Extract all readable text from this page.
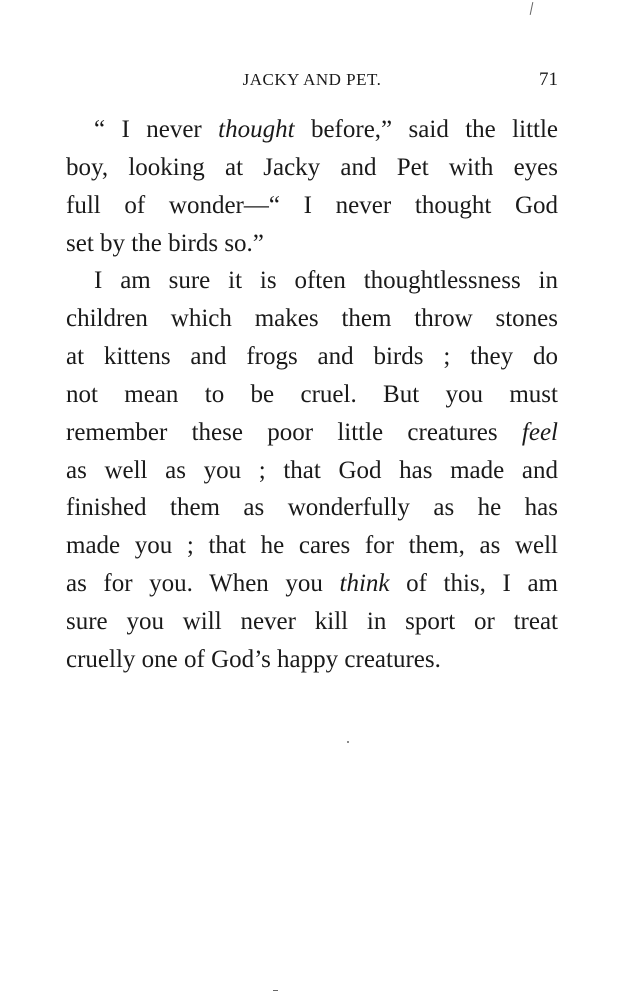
JACKY AND PET.	71
“ I never thought before,” said the little
boy, looking at Jacky and Pet with eyes
full of wonder—“ I never thought God
set by the birds so.”
I am sure it is often thoughtlessness in
children which makes them throw stones
at kittens and frogs and birds ; they do
not mean to be cruel. But you must
remember these poor little creatures feel
as well as you ; that God has made and
finished them as wonderfully as he has
made you ; that he cares for them, as well
as for you. When you think of this, I am
sure you will never kill in sport or treat
cruelly one of God’s happy creatures.
